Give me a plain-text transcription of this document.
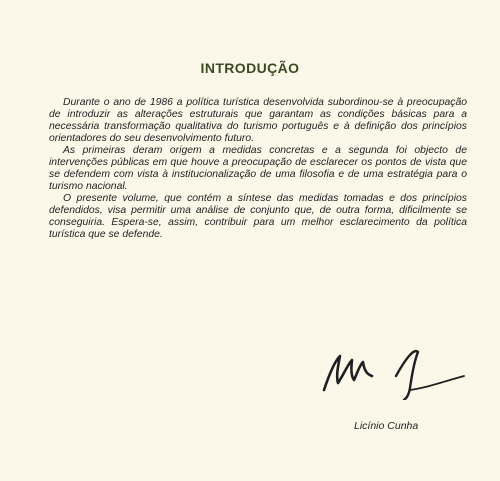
INTRODUÇÃO

Durante o ano de 1986 a política turística desenvolvida subordinou-se à preocupação de introduzir as alterações estruturais que garantam as condições básicas para a necessária transformação qualitativa do turismo português e à definição dos princípios orientadores do seu desenvolvimento futuro.

As primeiras deram origem a medidas concretas e a segunda foi objecto de intervenções públicas em que houve a preocupação de esclarecer os pontos de vista que se defendem com vista à institucionalização de uma filosofia e de uma estratégia para o turismo nacional.

O presente volume, que contém a síntese das medidas tomadas e dos princípios defendidos, visa permitir uma análise de conjunto que, de outra forma, dificilmente se conseguiria. Espera-se, assim, contribuir para um melhor esclarecimento da política turística que se defende.

Licínio Cunha
